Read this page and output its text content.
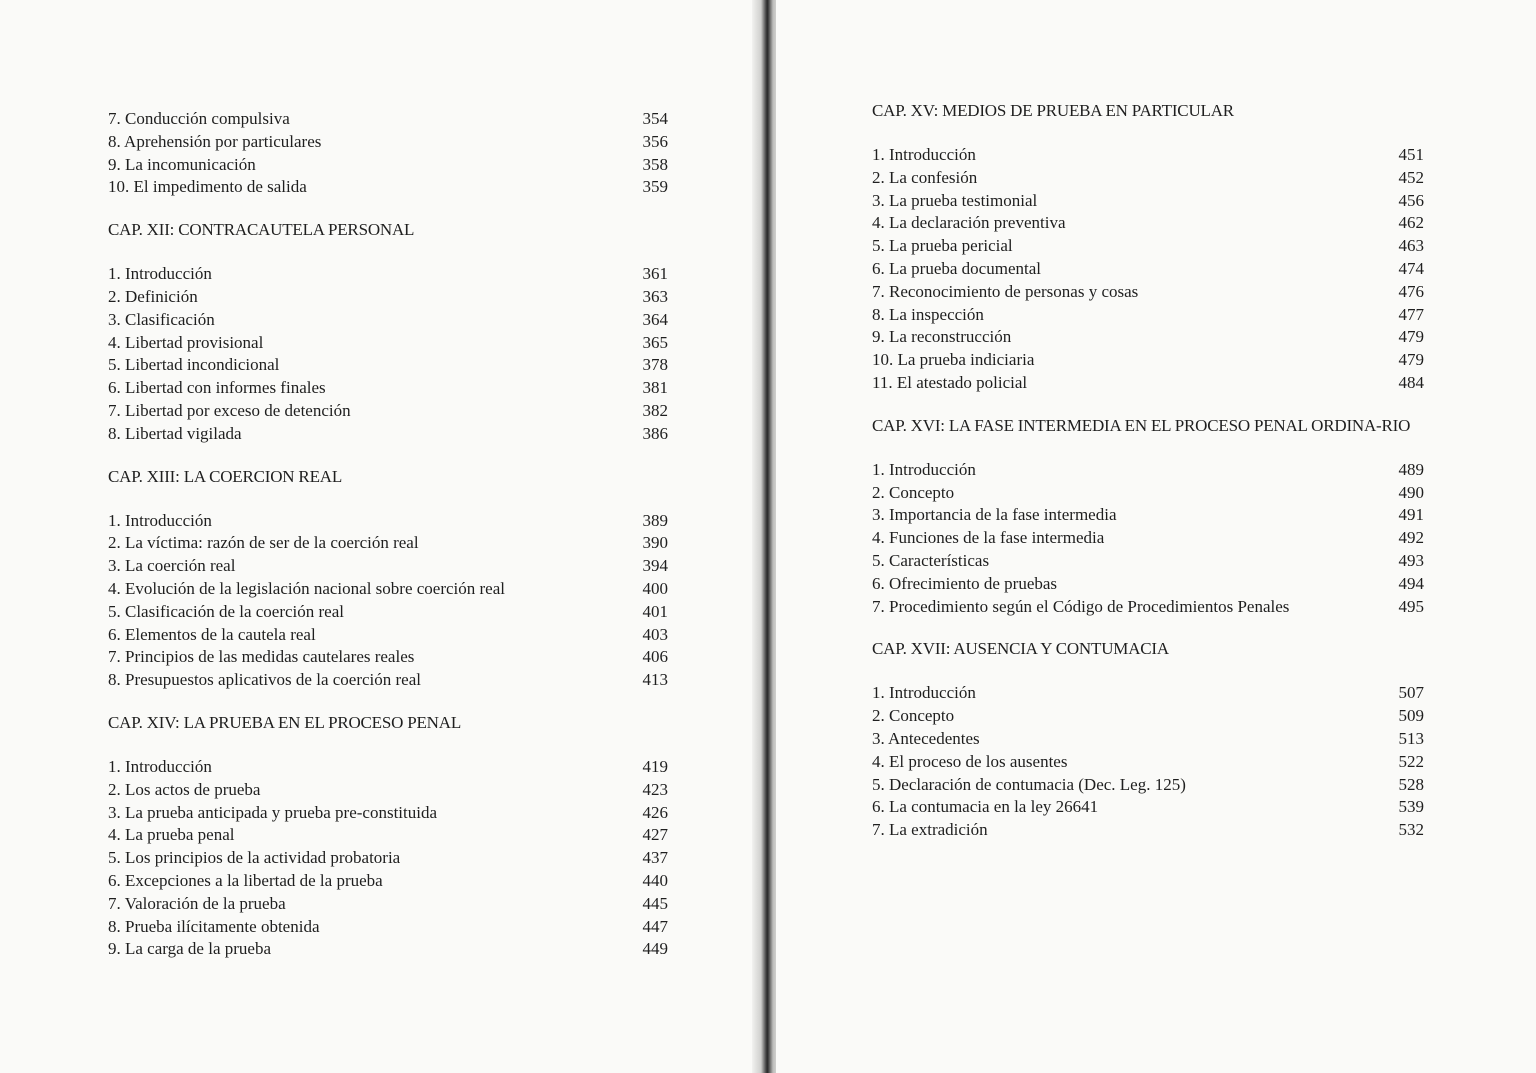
7. Conducción compulsiva	354
8. Aprehensión por particulares	356
9. La incomunicación	358
10. El impedimento de salida	359
CAP. XII: CONTRACAUTELA PERSONAL
1. Introducción	361
2. Definición	363
3. Clasificación	364
4. Libertad provisional	365
5. Libertad incondicional	378
6. Libertad con informes finales	381
7. Libertad por exceso de detención	382
8. Libertad vigilada	386
CAP. XIII: LA COERCION REAL
1. Introducción	389
2. La víctima: razón de ser de la coerción real	390
3. La coerción real	394
4. Evolución de la legislación nacional sobre coerción real	400
5. Clasificación de la coerción real	401
6. Elementos de la cautela real	403
7. Principios de las medidas cautelares reales	406
8. Presupuestos aplicativos de la coerción real	413
CAP. XIV: LA PRUEBA EN EL PROCESO PENAL
1. Introducción	419
2. Los actos de prueba	423
3. La prueba anticipada y prueba pre-constituida	426
4. La prueba penal	427
5. Los principios de la actividad probatoria	437
6. Excepciones a la libertad de la prueba	440
7. Valoración de la prueba	445
8. Prueba ilícitamente obtenida	447
9. La carga de la prueba	449
CAP. XV: MEDIOS DE PRUEBA EN PARTICULAR
1. Introducción	451
2. La confesión	452
3. La prueba testimonial	456
4. La declaración preventiva	462
5. La prueba pericial	463
6. La prueba documental	474
7. Reconocimiento de personas y cosas	476
8. La inspección	477
9. La reconstrucción	479
10. La prueba indiciaria	479
11. El atestado policial	484
CAP. XVI: LA FASE INTERMEDIA EN EL PROCESO PENAL ORDINA-RIO
1. Introducción	489
2. Concepto	490
3. Importancia de la fase intermedia	491
4. Funciones de la fase intermedia	492
5. Características	493
6. Ofrecimiento de pruebas	494
7. Procedimiento según el Código de Procedimientos Penales	495
CAP. XVII: AUSENCIA Y CONTUMACIA
1. Introducción	507
2. Concepto	509
3. Antecedentes	513
4. El proceso de los ausentes	522
5. Declaración de contumacia (Dec. Leg. 125)	528
6. La contumacia en la ley 26641	539
7. La extradición	532
